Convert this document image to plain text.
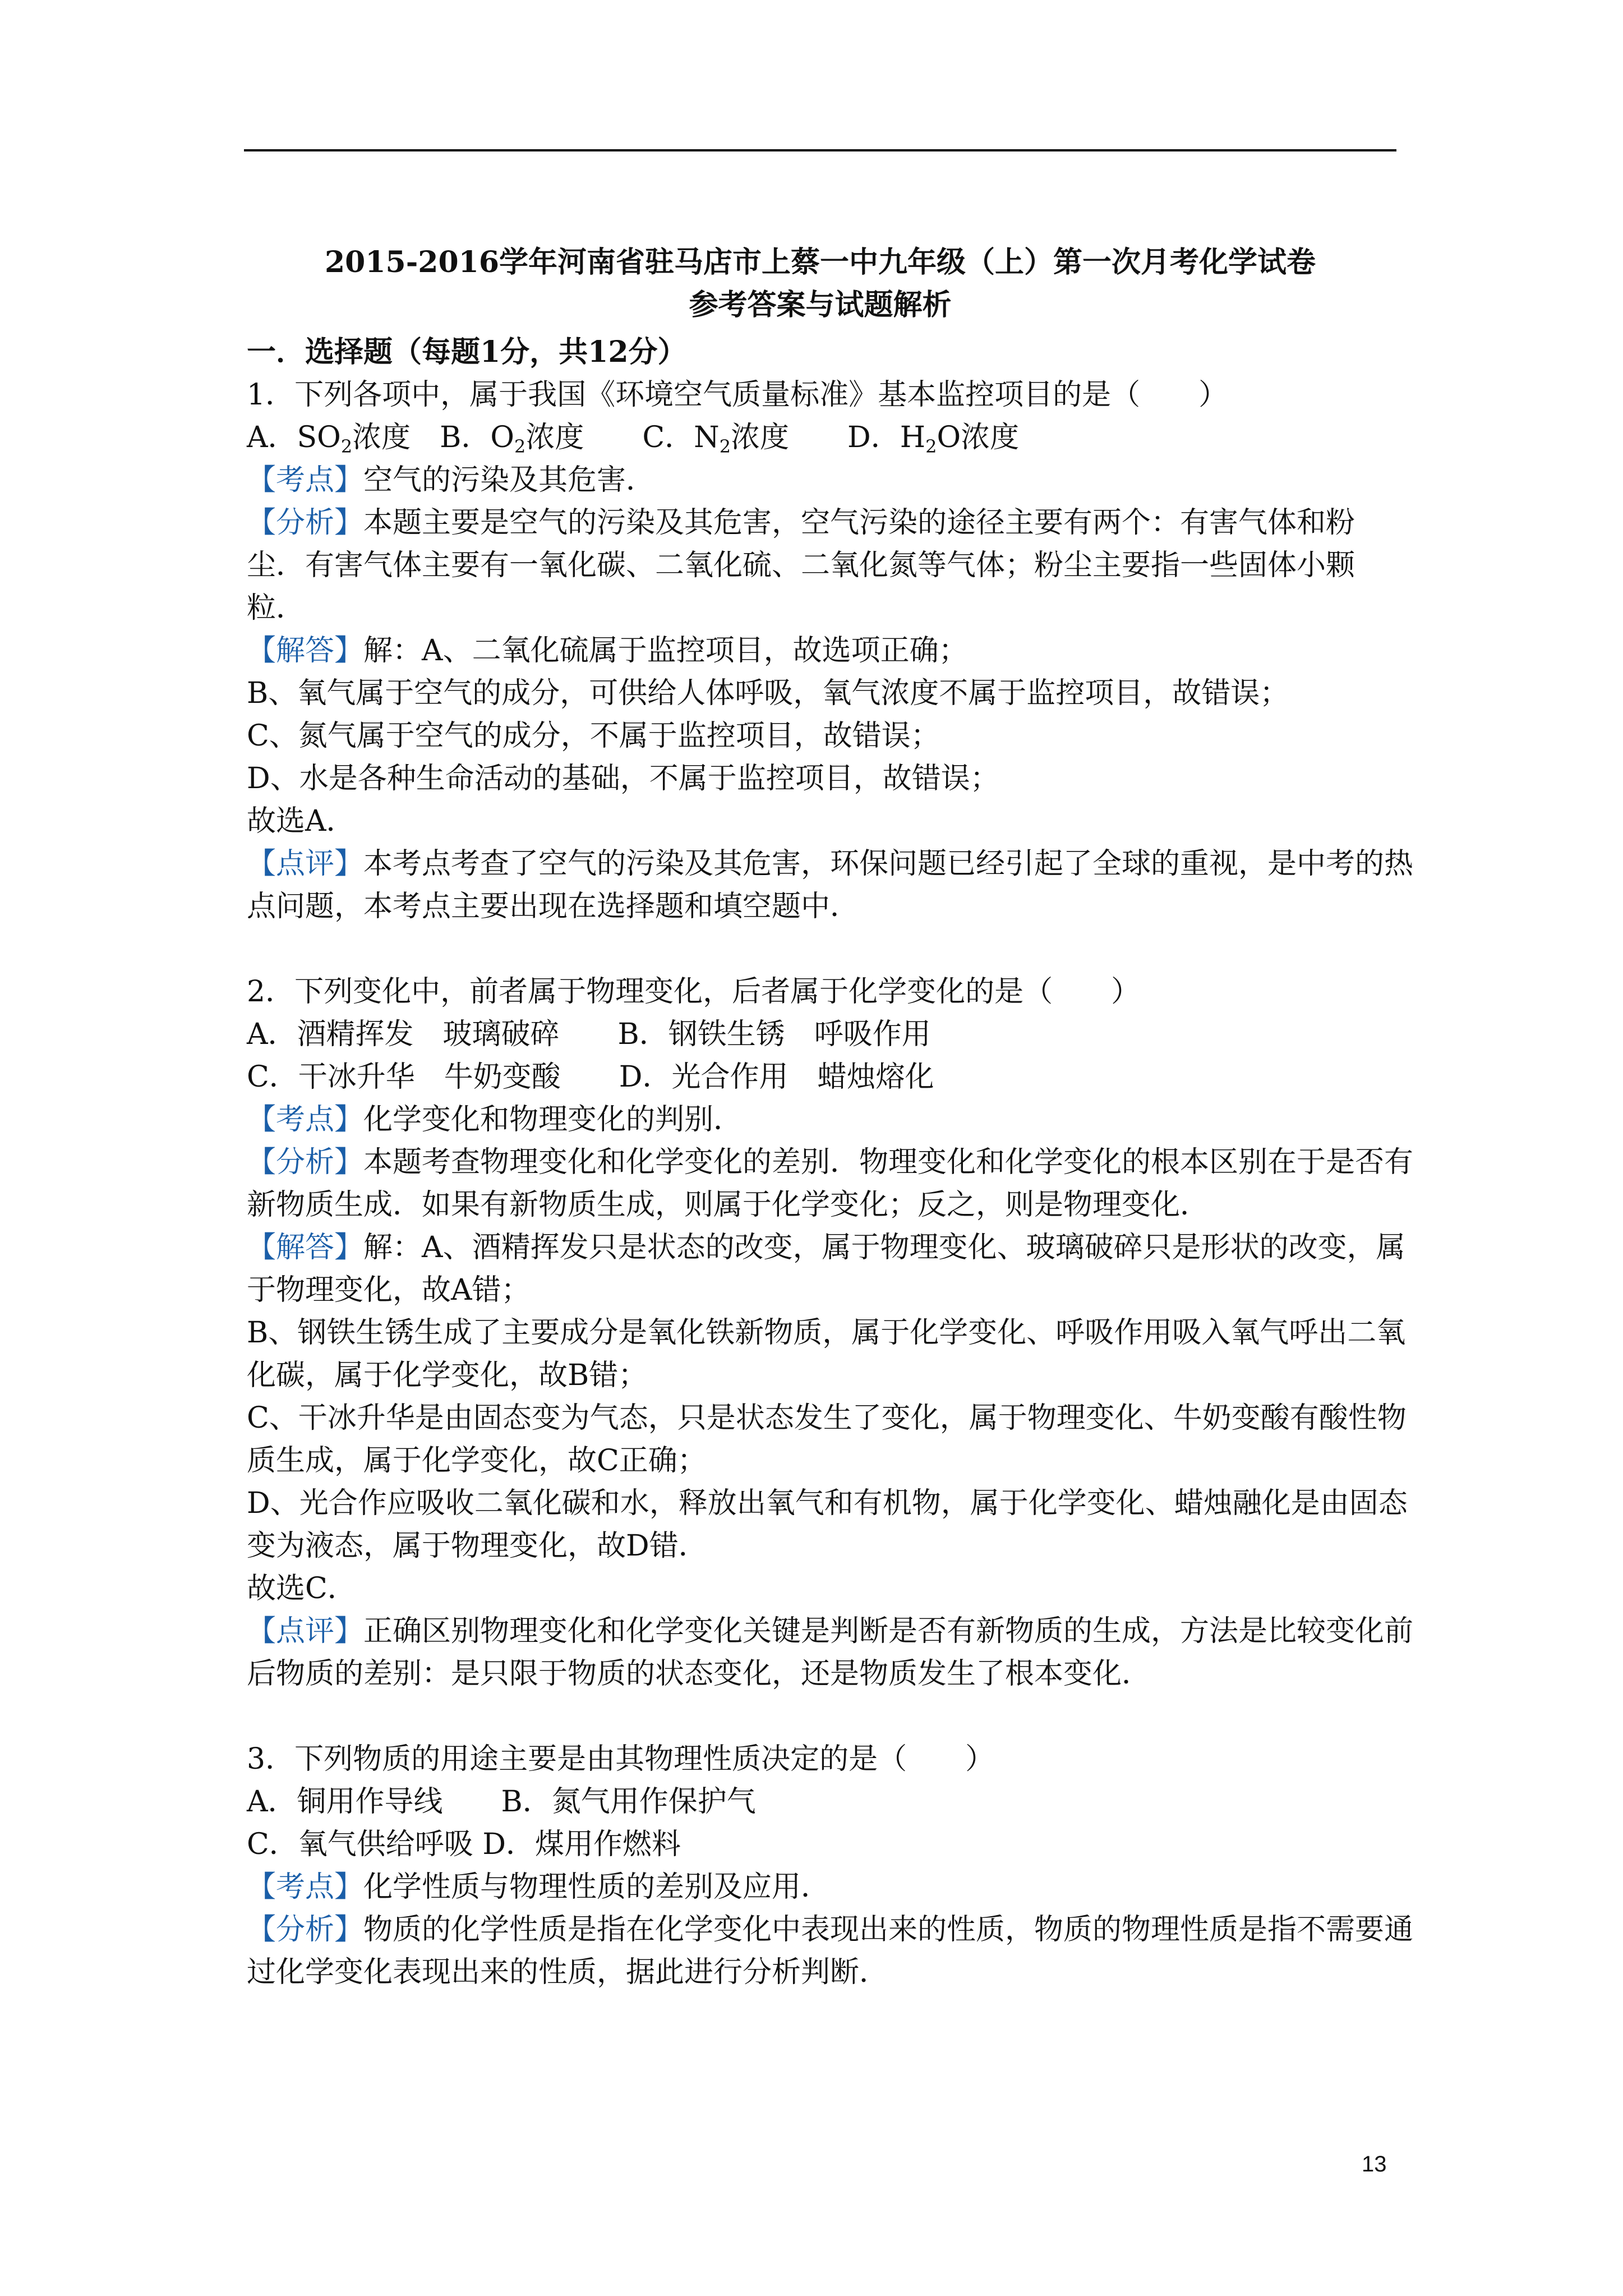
2015-2016学年河南省驻马店市上蔡一中九年级（上）第一次月考化学试卷
参考答案与试题解析
一．选择题（每题1分，共12分）
1．下列各项中，属于我国《环境空气质量标准》基本监控项目的是（　　）
A．$SO_2$浓度　B．$O_2$浓度　　C．$N_2$浓度　　D．$H_2O$浓度
【考点】空气的污染及其危害．
【分析】本题主要是空气的污染及其危害，空气污染的途径主要有两个：有害气体和粉
尘．有害气体主要有一氧化碳、二氧化硫、二氧化氮等气体；粉尘主要指一些固体小颗
粒．
【解答】解：A、二氧化硫属于监控项目，故选项正确；
B、氧气属于空气的成分，可供给人体呼吸，氧气浓度不属于监控项目，故错误；
C、氮气属于空气的成分，不属于监控项目，故错误；
D、水是各种生命活动的基础，不属于监控项目，故错误；
故选A．
【点评】本考点考查了空气的污染及其危害，环保问题已经引起了全球的重视，是中考的热
点问题，本考点主要出现在选择题和填空题中．
2．下列变化中，前者属于物理变化，后者属于化学变化的是（　　）
A．酒精挥发　玻璃破碎　　B．钢铁生锈　呼吸作用
C．干冰升华　牛奶变酸　　D．光合作用　蜡烛熔化
【考点】化学变化和物理变化的判别．
【分析】本题考查物理变化和化学变化的差别．物理变化和化学变化的根本区别在于是否有
新物质生成．如果有新物质生成，则属于化学变化；反之，则是物理变化．
【解答】解：A、酒精挥发只是状态的改变，属于物理变化、玻璃破碎只是形状的改变，属
于物理变化，故A错；
B、钢铁生锈生成了主要成分是氧化铁新物质，属于化学变化、呼吸作用吸入氧气呼出二氧
化碳，属于化学变化，故B错；
C、干冰升华是由固态变为气态，只是状态发生了变化，属于物理变化、牛奶变酸有酸性物
质生成，属于化学变化，故C正确；
D、光合作应吸收二氧化碳和水，释放出氧气和有机物，属于化学变化、蜡烛融化是由固态
变为液态，属于物理变化，故D错．
故选C．
【点评】正确区别物理变化和化学变化关键是判断是否有新物质的生成，方法是比较变化前
后物质的差别：是只限于物质的状态变化，还是物质发生了根本变化．
3．下列物质的用途主要是由其物理性质决定的是（　　）
A．铜用作导线　　B．氮气用作保护气
C．氧气供给呼吸 D．煤用作燃料
【考点】化学性质与物理性质的差别及应用．
【分析】物质的化学性质是指在化学变化中表现出来的性质，物质的物理性质是指不需要通
过化学变化表现出来的性质，据此进行分析判断．
13
